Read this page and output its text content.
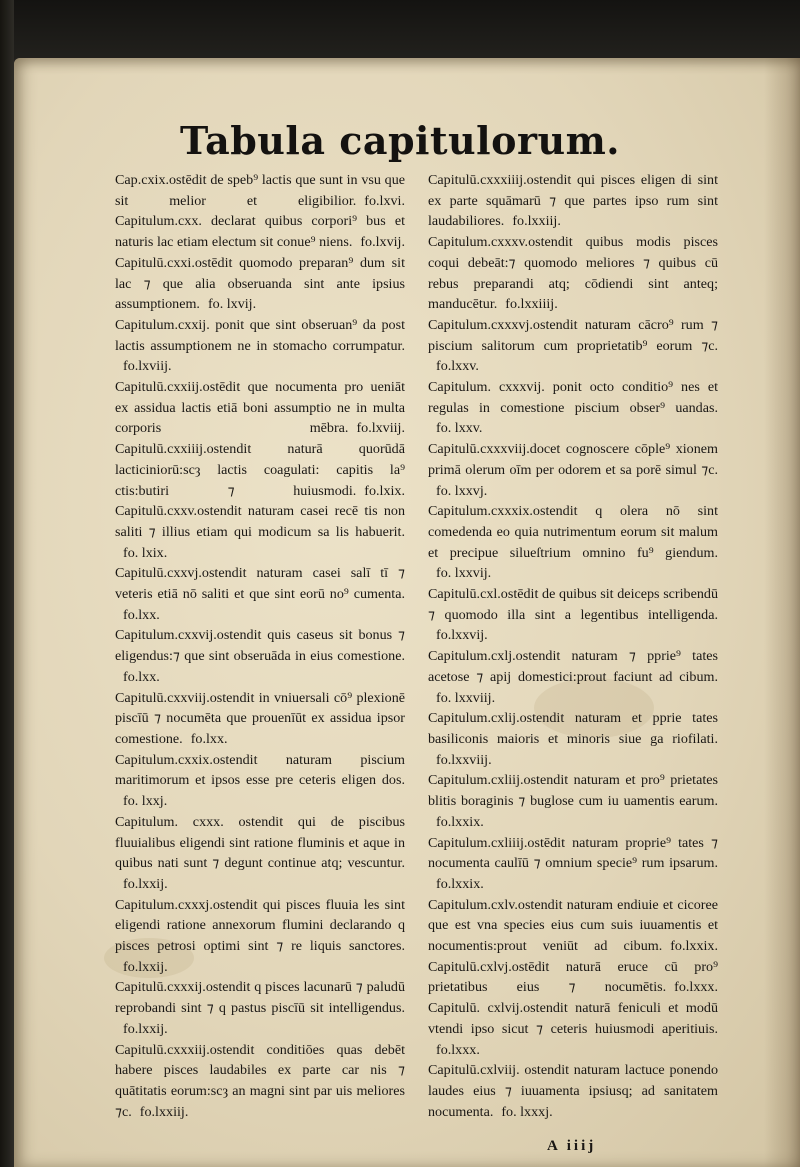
Tabula capitulorum.

Cap.cxix.ostēdit de speb⁹ lactis que sunt in vsu que sit melior et eligibilior. fo.lxvi.

Capitulum.cxx. declarat quibus corpori⁹ bus et naturis lac etiam electum sit conue⁹ niens. fo.lxvij.

Capitulū.cxxi.ostēdit quomodo preparan⁹ dum sit lac ⁊ que alia obseruanda sint ante ipsius assumptionem. fo. lxvij.

Capitulum.cxxij. ponit que sint obseruan⁹ da post lactis assumptionem ne in stomacho corrumpatur.fo.lxviij.

Capitulū.cxxiij.ostēdit que nocumenta pro ueniāt ex assidua lactis etiā boni assumptio ne in multa corporis mēbra. fo.lxviij.

Capitulū.cxxiiij.ostendit naturā quorūdā lacticiniorū:scȝ lactis coagulati: capitis la⁹ ctis:butiri ⁊ huiusmodi. fo.lxix.

Capitulū.cxxv.ostendit naturam casei recē tis non saliti ⁊ illius etiam qui modicum sa lis habuerit.fo. lxix.

Capitulū.cxxvj.ostendit naturam casei salī tī ⁊ veteris etiā nō saliti et que sint eorū no⁹ cumenta.fo.lxx.

Capitulum.cxxvij.ostendit quis caseus sit bonus ⁊ eligendus:⁊ que sint obseruāda in eius comestione.fo.lxx.

Capitulū.cxxviij.ostendit in vniuersali cō⁹ plexionē piscīū ⁊ nocumēta que prouenīūt ex assidua ipsor comestione. fo.lxx.

Capitulum.cxxix.ostendit naturam piscium maritimorum et ipsos esse pre ceteris eligen dos.fo. lxxj.

Capitulum. cxxx. ostendit qui de piscibus fluuialibus eligendi sint ratione fluminis et aque in quibus nati sunt ⁊ degunt continue atq; vescuntur.fo.lxxij.

Capitulum.cxxxj.ostendit qui pisces fluuia les sint eligendi ratione annexorum flumini declarando q pisces petrosi optimi sint ⁊ re liquis sanctores.fo.lxxij.

Capitulū.cxxxij.ostendit q pisces lacunarū ⁊ paludū reprobandi sint ⁊ q pastus piscīū sit intelligendus.fo.lxxij.

Capitulū.cxxxiij.ostendit conditiōes quas debēt habere pisces laudabiles ex parte car nis ⁊ quātitatis eorum:scȝ an magni sint par uis meliores ⁊c. fo.lxxiij.

Capitulū.cxxxiiij.ostendit qui pisces eligen di sint ex parte squāmarū ⁊ que partes ipso rum sint laudabiliores. fo.lxxiij.

Capitulum.cxxxv.ostendit quibus modis pisces coqui debeāt:⁊ quomodo meliores ⁊ quibus cū rebus preparandi atq; cōdiendi sint anteq; manducētur. fo.lxxiiij.

Capitulum.cxxxvj.ostendit naturam cācro⁹ rum ⁊ piscium salitorum cum proprietatib⁹ eorum ⁊c.fo.lxxv.

Capitulum. cxxxvij. ponit octo conditio⁹ nes et regulas in comestione piscium obser⁹ uandas.fo. lxxv.

Capitulū.cxxxviij.docet cognoscere cōple⁹ xionem primā olerum oīm per odorem et sa porē simul ⁊c.fo. lxxvj.

Capitulum.cxxxix.ostendit q olera nō sint comedenda eo quia nutrimentum eorum sit malum et precipue silueſtrium omnino fu⁹ giendum.fo. lxxvij.

Capitulū.cxl.ostēdit de quibus sit deiceps scribendū ⁊ quomodo illa sint a legentibus intelligenda.fo.lxxvij.

Capitulum.cxlj.ostendit naturam ⁊ pprie⁹ tates acetose ⁊ apij domestici:prout faciunt ad cibum.fo. lxxviij.

Capitulum.cxlij.ostendit naturam et pprie tates basiliconis maioris et minoris siue ga riofilati.fo.lxxviij.

Capitulum.cxliij.ostendit naturam et pro⁹ prietates blitis boraginis ⁊ buglose cum iu uamentis earum.fo.lxxix.

Capitulum.cxliiij.ostēdit naturam proprie⁹ tates ⁊ nocumenta caulīū ⁊ omnium specie⁹ rum ipsarum.fo.lxxix.

Capitulum.cxlv.ostendit naturam endiuie et cicoree que est vna species eius cum suis iuuamentis et nocumentis:prout veniūt ad cibum. fo.lxxix.

Capitulū.cxlvj.ostēdit naturā eruce cū pro⁹ prietatibus eius ⁊ nocumētis. fo.lxxx.

Capitulū. cxlvij.ostendit naturā feniculi et modū vtendi ipso sicut ⁊ ceteris huiusmodi aperitiuis.fo.lxxx.

Capitulū.cxlviij. ostendit naturam lactuce ponendo laudes eius ⁊ iuuamenta ipsiusq; ad sanitatem nocumenta. fo. lxxxj.

A iiij
